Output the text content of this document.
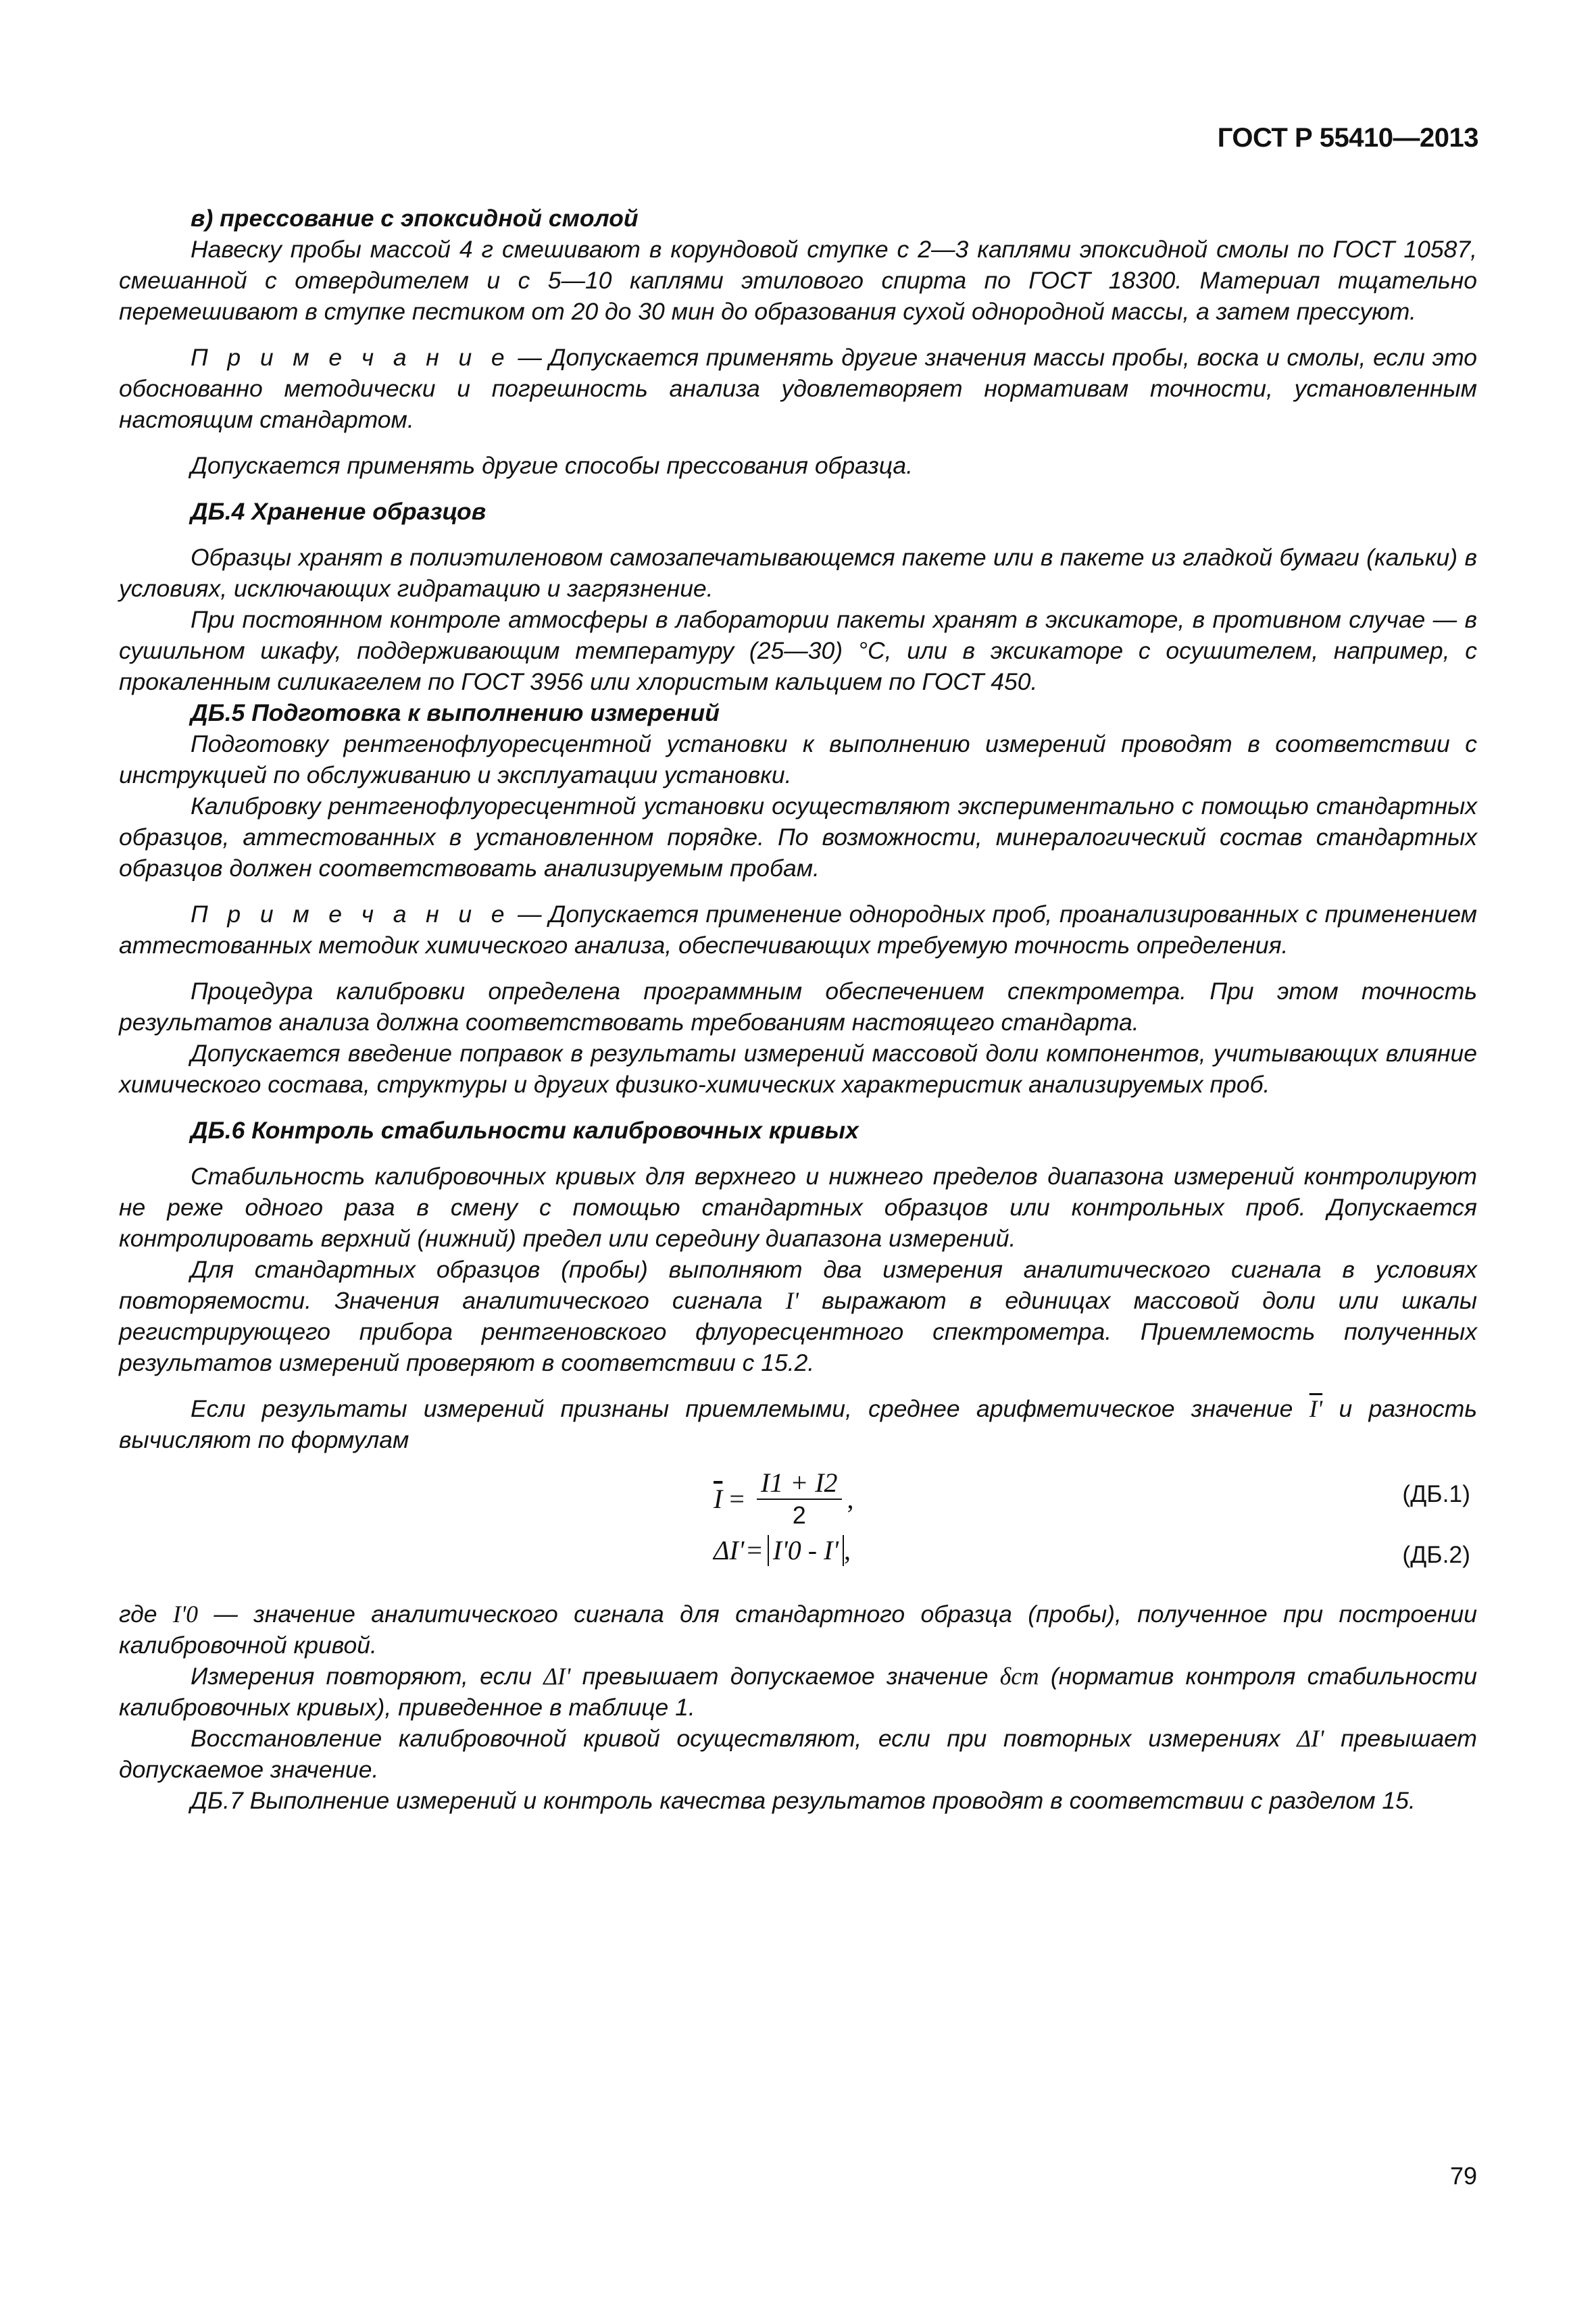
ГОСТ Р 55410—2013

в) прессование с эпоксидной смолой

Навеску пробы массой 4 г смешивают в корундовой ступке с 2—3 каплями эпоксидной смолы по ГОСТ 10587, смешанной с отвердителем и с 5—10 каплями этилового спирта по ГОСТ 18300. Материал тщательно перемешивают в ступке пестиком от 20 до 30 мин до образования сухой однородной массы, а затем прессуют.

П р и м е ч а н и е — Допускается применять другие значения массы пробы, воска и смолы, если это обоснованно методически и погрешность анализа удовлетворяет нормативам точности, установленным настоящим стандартом.

Допускается применять другие способы прессования образца.

ДБ.4 Хранение образцов

Образцы хранят в полиэтиленовом самозапечатывающемся пакете или в пакете из гладкой бумаги (кальки) в условиях, исключающих гидратацию и загрязнение.

При постоянном контроле атмосферы в лаборатории пакеты хранят в эксикаторе, в противном случае — в сушильном шкафу, поддерживающим температуру (25—30) °С, или в эксикаторе с осушителем, например, с прокаленным силикагелем по ГОСТ 3956 или хлористым кальцием по ГОСТ 450.

ДБ.5 Подготовка к выполнению измерений

Подготовку рентгенофлуоресцентной установки к выполнению измерений проводят в соответствии с инструкцией по обслуживанию и эксплуатации установки.

Калибровку рентгенофлуоресцентной установки осуществляют экспериментально с помощью стандартных образцов, аттестованных в установленном порядке. По возможности, минералогический состав стандартных образцов должен соответствовать анализируемым пробам.

П р и м е ч а н и е — Допускается применение однородных проб, проанализированных с применением аттестованных методик химического анализа, обеспечивающих требуемую точность определения.

Процедура калибровки определена программным обеспечением спектрометра. При этом точность результатов анализа должна соответствовать требованиям настоящего стандарта.

Допускается введение поправок в результаты измерений массовой доли компонентов, учитывающих влияние химического состава, структуры и других физико-химических характеристик анализируемых проб.

ДБ.6 Контроль стабильности калибровочных кривых

Стабильность калибровочных кривых для верхнего и нижнего пределов диапазона измерений контролируют не реже одного раза в смену с помощью стандартных образцов или контрольных проб. Допускается контролировать верхний (нижний) предел или середину диапазона измерений.

Для стандартных образцов (пробы) выполняют два измерения аналитического сигнала в условиях повторяемости. Значения аналитического сигнала I' выражают в единицах массовой доли или шкалы регистрирующего прибора рентгеновского флуоресцентного спектрометра. Приемлемость полученных результатов измерений проверяют в соответствии с 15.2.

Если результаты измерений признаны приемлемыми, среднее арифметическое значение I' и разность вычисляют по формулам

$\overline{I} = \frac{I1 + I2}{2}$ ,	(ДБ.1)
ΔI' = I'0 - I' ,	(ДБ.2)

где I'0 — значение аналитического сигнала для стандартного образца (пробы), полученное при построении калибровочной кривой.

Измерения повторяют, если ΔI' превышает допускаемое значение δст (норматив контроля стабильности калибровочных кривых), приведенное в таблице 1.

Восстановление калибровочной кривой осуществляют, если при повторных измерениях ΔI' превышает допускаемое значение.

ДБ.7 Выполнение измерений и контроль качества результатов проводят в соответствии с разделом 15.

79
